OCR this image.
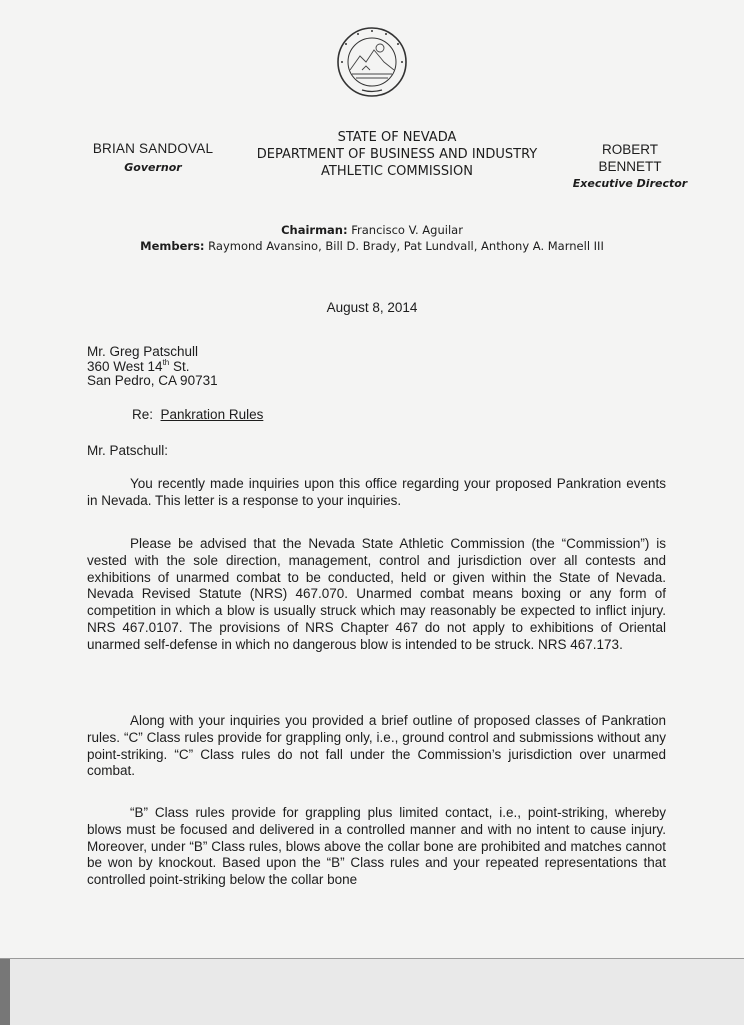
BRIAN SANDOVAL
Governor
STATE OF NEVADA
DEPARTMENT OF BUSINESS AND INDUSTRY
ATHLETIC COMMISSION
ROBERT
BENNETT
Executive Director
Chairman: Francisco V. Aguilar
Members: Raymond Avansino, Bill D. Brady, Pat Lundvall, Anthony A. Marnell III
August 8, 2014
Mr. Greg Patschull
360 West 14th St.
San Pedro, CA 90731
Re: Pankration Rules
Mr. Patschull:
You recently made inquiries upon this office regarding your proposed Pankration events in Nevada. This letter is a response to your inquiries.
Please be advised that the Nevada State Athletic Commission (the “Commission”) is vested with the sole direction, management, control and jurisdiction over all contests and exhibitions of unarmed combat to be conducted, held or given within the State of Nevada. Nevada Revised Statute (NRS) 467.070. Unarmed combat means boxing or any form of competition in which a blow is usually struck which may reasonably be expected to inflict injury. NRS 467.0107. The provisions of NRS Chapter 467 do not apply to exhibitions of Oriental unarmed self-defense in which no dangerous blow is intended to be struck. NRS 467.173.
Along with your inquiries you provided a brief outline of proposed classes of Pankration rules. “C” Class rules provide for grappling only, i.e., ground control and submissions without any point-striking. “C” Class rules do not fall under the Commission’s jurisdiction over unarmed combat.
“B” Class rules provide for grappling plus limited contact, i.e., point-striking, whereby blows must be focused and delivered in a controlled manner and with no intent to cause injury. Moreover, under “B” Class rules, blows above the collar bone are prohibited and matches cannot be won by knockout. Based upon the “B” Class rules and your repeated representations that controlled point-striking below the collar bone
